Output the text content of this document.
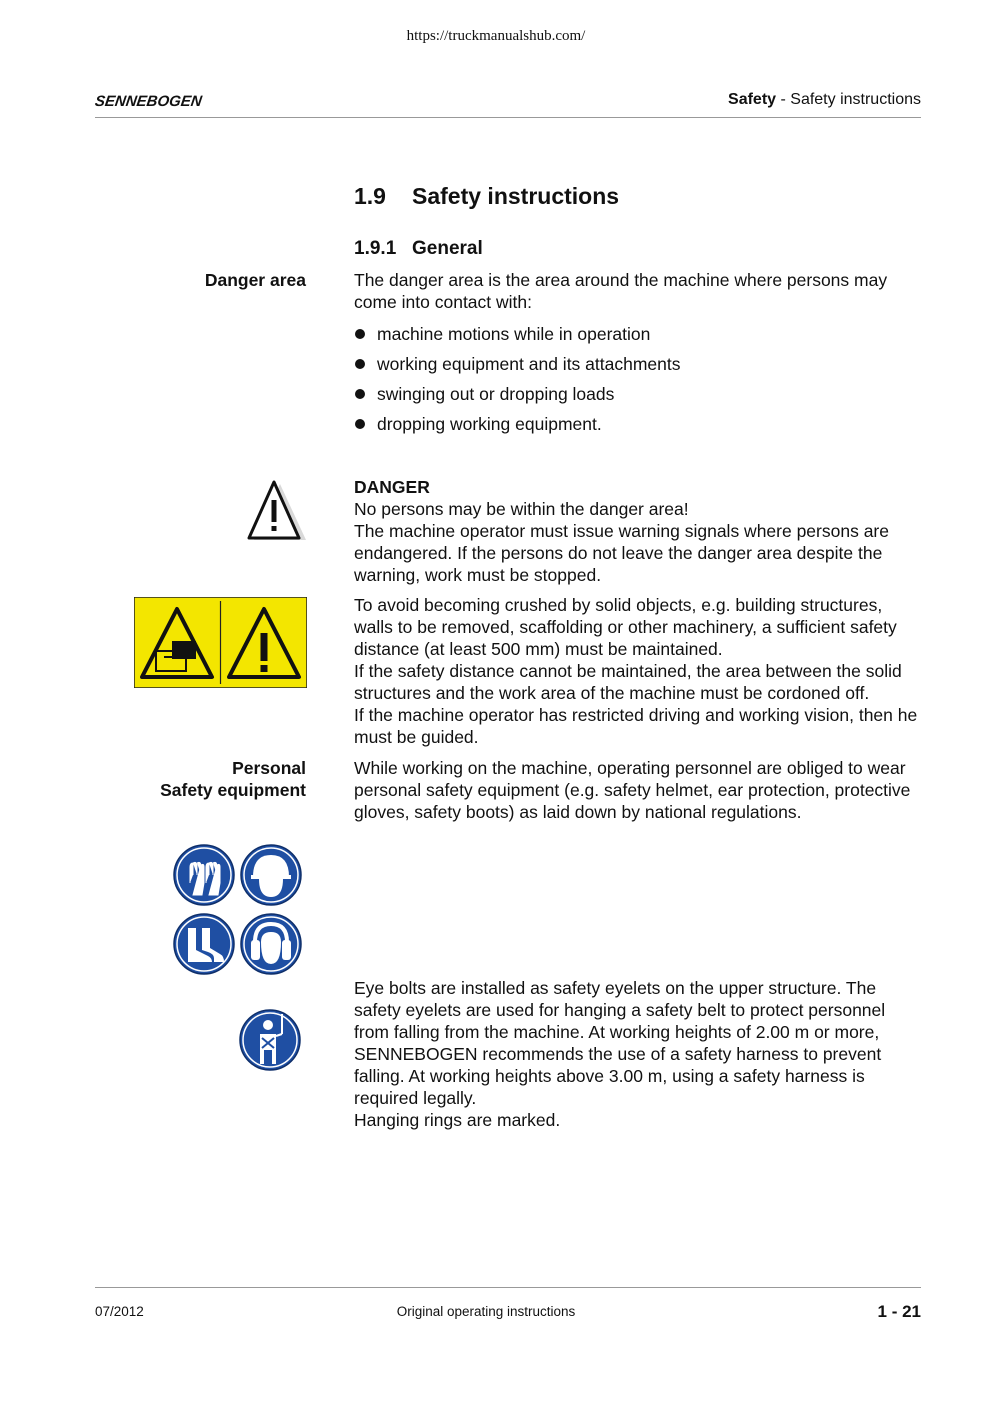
https://truckmanualshub.com/
SENNEBOGEN	Safety - Safety instructions
1.9 Safety instructions
1.9.1 General
Danger area	The danger area is the area around the machine where persons may come into contact with:
machine motions while in operation
working equipment and its attachments
swinging out or dropping loads
dropping working equipment.
DANGER
No persons may be within the danger area!
The machine operator must issue warning signals where persons are endangered. If the persons do not leave the danger area despite the warning, work must be stopped.
To avoid becoming crushed by solid objects, e.g. building structures, walls to be removed, scaffolding or other machinery, a sufficient safety distance (at least 500 mm) must be maintained.
If the safety distance cannot be maintained, the area between the solid structures and the work area of the machine must be cordoned off.
If the machine operator has restricted driving and working vision, then he must be guided.
Personal
Safety equipment
While working on the machine, operating personnel are obliged to wear personal safety equipment (e.g. safety helmet, ear protection, protective gloves, safety boots) as laid down by national regulations.
Eye bolts are installed as safety eyelets on the upper structure. The safety eyelets are used for hanging a safety belt to protect personnel from falling from the machine. At working heights of 2.00 m or more, SENNEBOGEN recommends the use of a safety harness to prevent falling. At working heights above 3.00 m, using a safety harness is required legally.
Hanging rings are marked.
07/2012	Original operating instructions	1 - 21
